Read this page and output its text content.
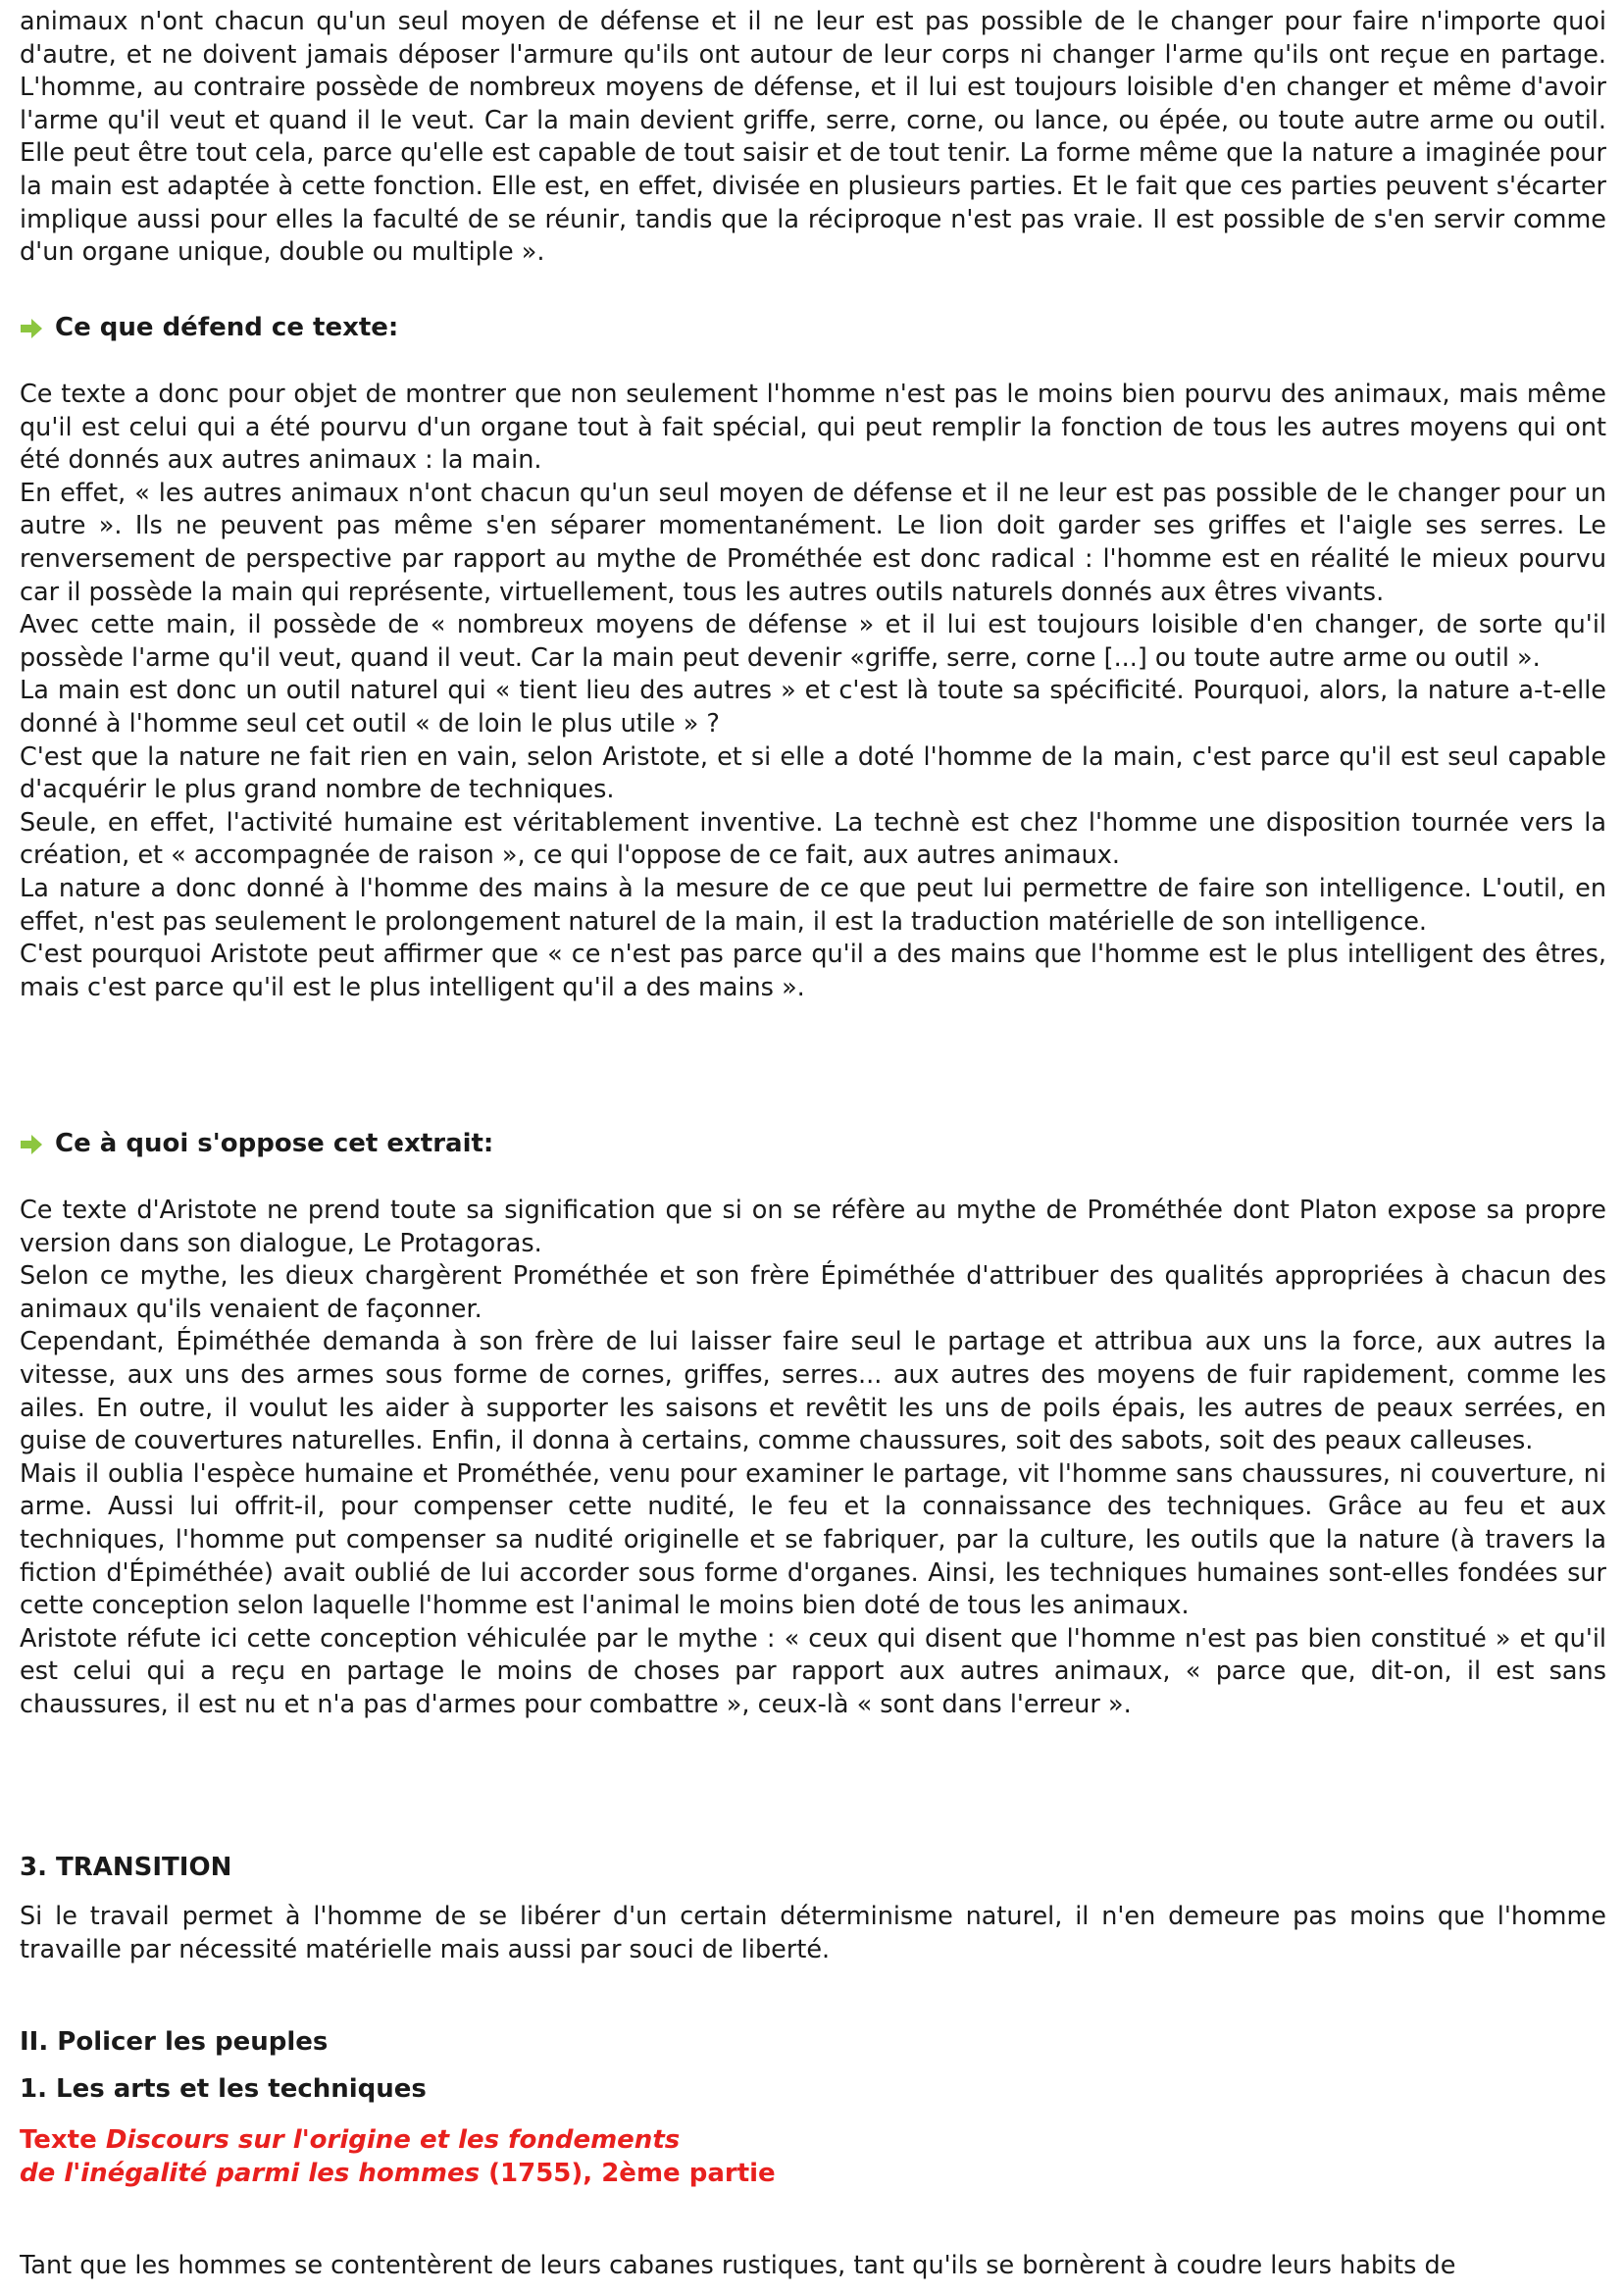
animaux n'ont chacun qu'un seul moyen de défense et il ne leur est pas possible de le changer pour faire n'importe quoi d'autre, et ne doivent jamais déposer l'armure qu'ils ont autour de leur corps ni changer l'arme qu'ils ont reçue en partage. L'homme, au contraire possède de nombreux moyens de défense, et il lui est toujours loisible d'en changer et même d'avoir l'arme qu'il veut et quand il le veut. Car la main devient griffe, serre, corne, ou lance, ou épée, ou toute autre arme ou outil. Elle peut être tout cela, parce qu'elle est capable de tout saisir et de tout tenir. La forme même que la nature a imaginée pour la main est adaptée à cette fonction. Elle est, en effet, divisée en plusieurs parties. Et le fait que ces parties peuvent s'écarter implique aussi pour elles la faculté de se réunir, tandis que la réciproque n'est pas vraie. Il est possible de s'en servir comme d'un organe unique, double ou multiple ».

Ce que défend ce texte:

Ce texte a donc pour objet de montrer que non seulement l'homme n'est pas le moins bien pourvu des animaux, mais même qu'il est celui qui a été pourvu d'un organe tout à fait spécial, qui peut remplir la fonction de tous les autres moyens qui ont été donnés aux autres animaux : la main.

En effet, « les autres animaux n'ont chacun qu'un seul moyen de défense et il ne leur est pas possible de le changer pour un autre ». Ils ne peuvent pas même s'en séparer momentanément. Le lion doit garder ses griffes et l'aigle ses serres. Le renversement de perspective par rapport au mythe de Prométhée est donc radical : l'homme est en réalité le mieux pourvu car il possède la main qui représente, virtuellement, tous les autres outils naturels donnés aux êtres vivants.

Avec cette main, il possède de « nombreux moyens de défense » et il lui est toujours loisible d'en changer, de sorte qu'il possède l'arme qu'il veut, quand il veut. Car la main peut devenir «griffe, serre, corne [...] ou toute autre arme ou outil ».

La main est donc un outil naturel qui « tient lieu des autres » et c'est là toute sa spécificité. Pourquoi, alors, la nature a-t-elle donné à l'homme seul cet outil « de loin le plus utile » ?

C'est que la nature ne fait rien en vain, selon Aristote, et si elle a doté l'homme de la main, c'est parce qu'il est seul capable d'acquérir le plus grand nombre de techniques.

Seule, en effet, l'activité humaine est véritablement inventive. La technè est chez l'homme une disposition tournée vers la création, et « accompagnée de raison », ce qui l'oppose de ce fait, aux autres animaux.

La nature a donc donné à l'homme des mains à la mesure de ce que peut lui permettre de faire son intelligence. L'outil, en effet, n'est pas seulement le prolongement naturel de la main, il est la traduction matérielle de son intelligence.

C'est pourquoi Aristote peut affirmer que « ce n'est pas parce qu'il a des mains que l'homme est le plus intelligent des êtres, mais c'est parce qu'il est le plus intelligent qu'il a des mains ».

Ce à quoi s'oppose cet extrait:

Ce texte d'Aristote ne prend toute sa signification que si on se réfère au mythe de Prométhée dont Platon expose sa propre version dans son dialogue, Le Protagoras.

Selon ce mythe, les dieux chargèrent Prométhée et son frère Épiméthée d'attribuer des qualités appropriées à chacun des animaux qu'ils venaient de façonner.

Cependant, Épiméthée demanda à son frère de lui laisser faire seul le partage et attribua aux uns la force, aux autres la vitesse, aux uns des armes sous forme de cornes, griffes, serres... aux autres des moyens de fuir rapidement, comme les ailes. En outre, il voulut les aider à supporter les saisons et revêtit les uns de poils épais, les autres de peaux serrées, en guise de couvertures naturelles. Enfin, il donna à certains, comme chaussures, soit des sabots, soit des peaux calleuses.

Mais il oublia l'espèce humaine et Prométhée, venu pour examiner le partage, vit l'homme sans chaussures, ni couverture, ni arme. Aussi lui offrit-il, pour compenser cette nudité, le feu et la connaissance des techniques. Grâce au feu et aux techniques, l'homme put compenser sa nudité originelle et se fabriquer, par la culture, les outils que la nature (à travers la fiction d'Épiméthée) avait oublié de lui accorder sous forme d'organes. Ainsi, les techniques humaines sont-elles fondées sur cette conception selon laquelle l'homme est l'animal le moins bien doté de tous les animaux.

Aristote réfute ici cette conception véhiculée par le mythe : « ceux qui disent que l'homme n'est pas bien constitué » et qu'il est celui qui a reçu en partage le moins de choses par rapport aux autres animaux, « parce que, dit-on, il est sans chaussures, il est nu et n'a pas d'armes pour combattre », ceux-là « sont dans l'erreur ».

3. TRANSITION

Si le travail permet à l'homme de se libérer d'un certain déterminisme naturel, il n'en demeure pas moins que l'homme travaille par nécessité matérielle mais aussi par souci de liberté.

II. Policer les peuples
1. Les arts et les techniques
Texte Discours sur l'origine et les fondements
de l'inégalité parmi les hommes (1755), 2ème partie

Tant que les hommes se contentèrent de leurs cabanes rustiques, tant qu'ils se bornèrent à coudre leurs habits de
